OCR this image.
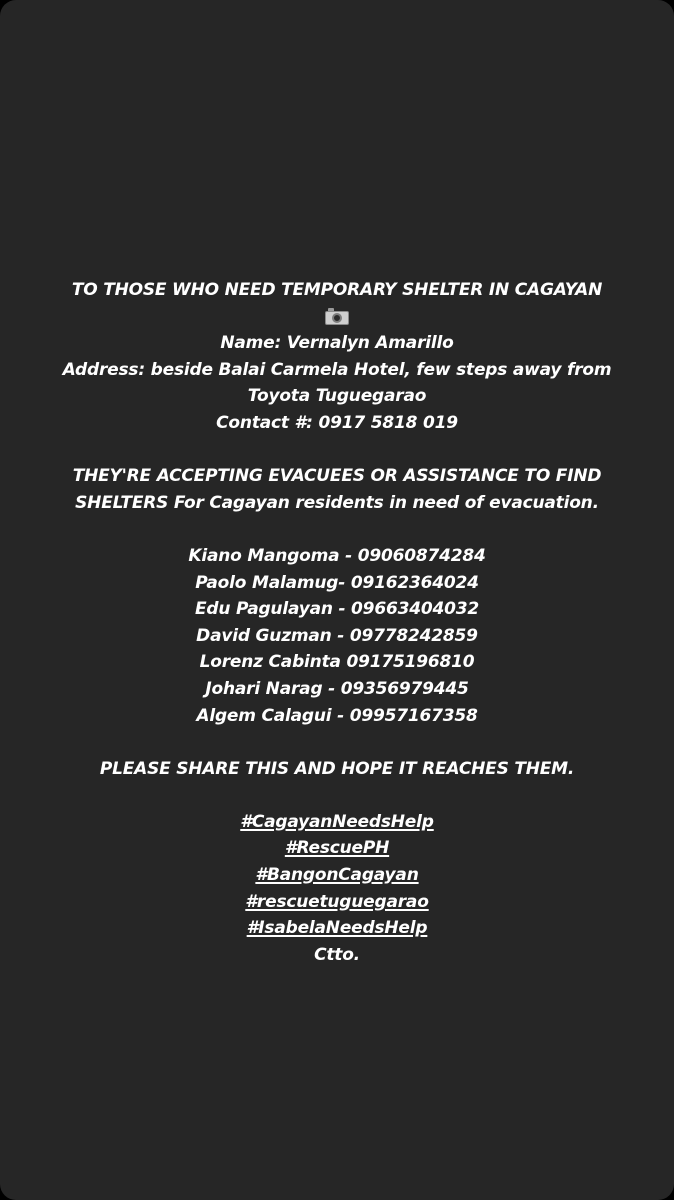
TO THOSE WHO NEED TEMPORARY SHELTER IN CAGAYAN
Name: Vernalyn Amarillo
Address: beside Balai Carmela Hotel, few steps away from
Toyota Tuguegarao
Contact #: 0917 5818 019
THEY'RE ACCEPTING EVACUEES OR ASSISTANCE TO FIND
SHELTERS For Cagayan residents in need of evacuation.
Kiano Mangoma - 09060874284
Paolo Malamug- 09162364024
Edu Pagulayan - 09663404032
David Guzman - 09778242859
Lorenz Cabinta 09175196810
Johari Narag - 09356979445
Algem Calagui - 09957167358
PLEASE SHARE THIS AND HOPE IT REACHES THEM.
#CagayanNeedsHelp
#RescuePH
#BangonCagayan
#rescuetuguegarao
#IsabelaNeedsHelp
Ctto.
